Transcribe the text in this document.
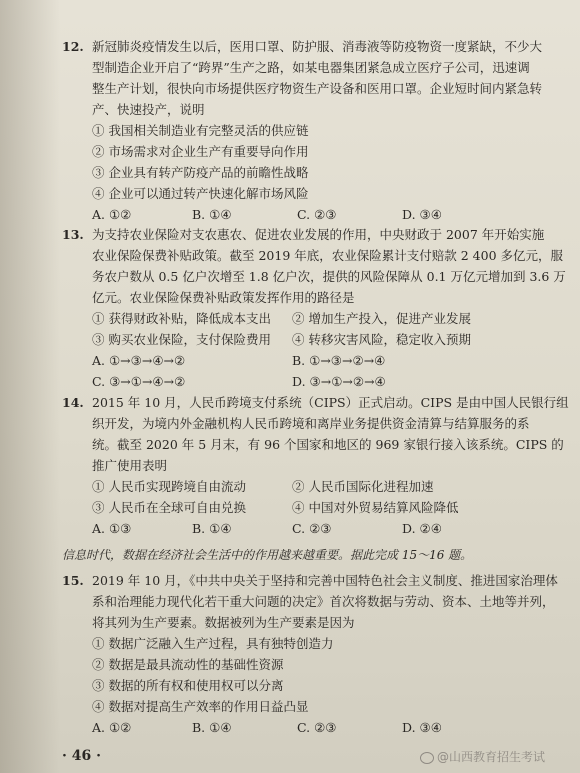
12. 新冠肺炎疫情发生以后，医用口罩、防护服、消毒液等防疫物资一度紧缺，不少大
型制造企业开启了“跨界”生产之路，如某电器集团紧急成立医疗子公司，迅速调
整生产计划，很快向市场提供医疗物资生产设备和医用口罩。企业短时间内紧急转
产、快速投产，说明
① 我国相关制造业有完整灵活的供应链
② 市场需求对企业生产有重要导向作用
③ 企业具有转产防疫产品的前瞻性战略
④ 企业可以通过转产快速化解市场风险
A. ①②	B. ①④	C. ②③	D. ③④
13. 为支持农业保险对支农惠农、促进农业发展的作用，中央财政于 2007 年开始实施
农业保险保费补贴政策。截至 2019 年底，农业保险累计支付赔款 2 400 多亿元，服
务农户数从 0.5 亿户次增至 1.8 亿户次，提供的风险保障从 0.1 万亿元增加到 3.6 万
亿元。农业保险保费补贴政策发挥作用的路径是
① 获得财政补贴，降低成本支出 ② 增加生产投入，促进产业发展
③ 购买农业保险，支付保险费用 ④ 转移灾害风险，稳定收入预期
A. ①→③→④→②	B. ①→③→②→④
C. ③→①→④→②	D. ③→①→②→④
14. 2015 年 10 月，人民币跨境支付系统（CIPS）正式启动。CIPS 是由中国人民银行组
织开发，为境内外金融机构人民币跨境和离岸业务提供资金清算与结算服务的系
统。截至 2020 年 5 月末，有 96 个国家和地区的 969 家银行接入该系统。CIPS 的
推广使用表明
① 人民币实现跨境自由流动	② 人民币国际化进程加速
③ 人民币在全球可自由兑换	④ 中国对外贸易结算风险降低
A. ①③	B. ①④	C. ②③	D. ②④
信息时代，数据在经济社会生活中的作用越来越重要。据此完成 15～16 题。
15. 2019 年 10 月，《中共中央关于坚持和完善中国特色社会主义制度、推进国家治理体
系和治理能力现代化若干重大问题的决定》首次将数据与劳动、资本、土地等并列，
将其列为生产要素。数据被列为生产要素是因为
① 数据广泛融入生产过程，具有独特创造力
② 数据是最具流动性的基础性资源
③ 数据的所有权和使用权可以分离
④ 数据对提高生产效率的作用日益凸显
A. ①②	B. ①④	C. ②③	D. ③④
· 46 ·	@山西教育招生考试
